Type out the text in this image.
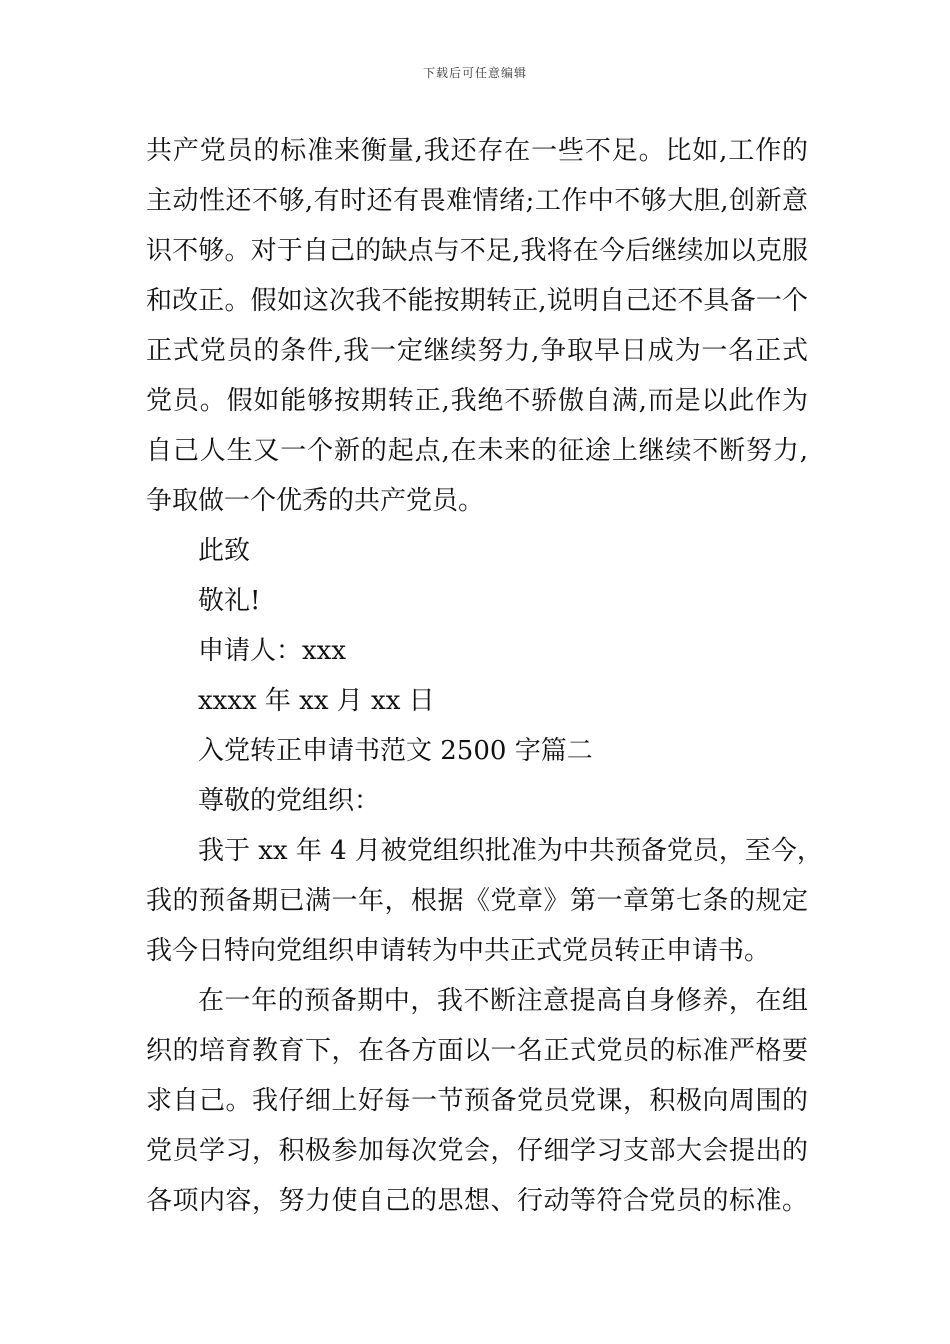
下载后可任意编辑
共产党员的标准来衡量,我还存在一些不足。比如,工作的
主动性还不够,有时还有畏难情绪;工作中不够大胆,创新意
识不够。对于自己的缺点与不足,我将在今后继续加以克服
和改正。假如这次我不能按期转正,说明自己还不具备一个
正式党员的条件,我一定继续努力,争取早日成为一名正式
党员。假如能够按期转正,我绝不骄傲自满,而是以此作为
自己人生又一个新的起点,在未来的征途上继续不断努力,
争取做一个优秀的共产党员。
此致
敬礼!
申请人：xxx
xxxx 年 xx 月 xx 日
入党转正申请书范文 2500 字篇二
尊敬的党组织：
我于 xx 年 4 月被党组织批准为中共预备党员，至今，
我的预备期已满一年，根据《党章》第一章第七条的规定
我今日特向党组织申请转为中共正式党员转正申请书。
在一年的预备期中，我不断注意提高自身修养，在组
织的培育教育下，在各方面以一名正式党员的标准严格要
求自己。我仔细上好每一节预备党员党课，积极向周围的
党员学习，积极参加每次党会，仔细学习支部大会提出的
各项内容，努力使自己的思想、行动等符合党员的标准。
